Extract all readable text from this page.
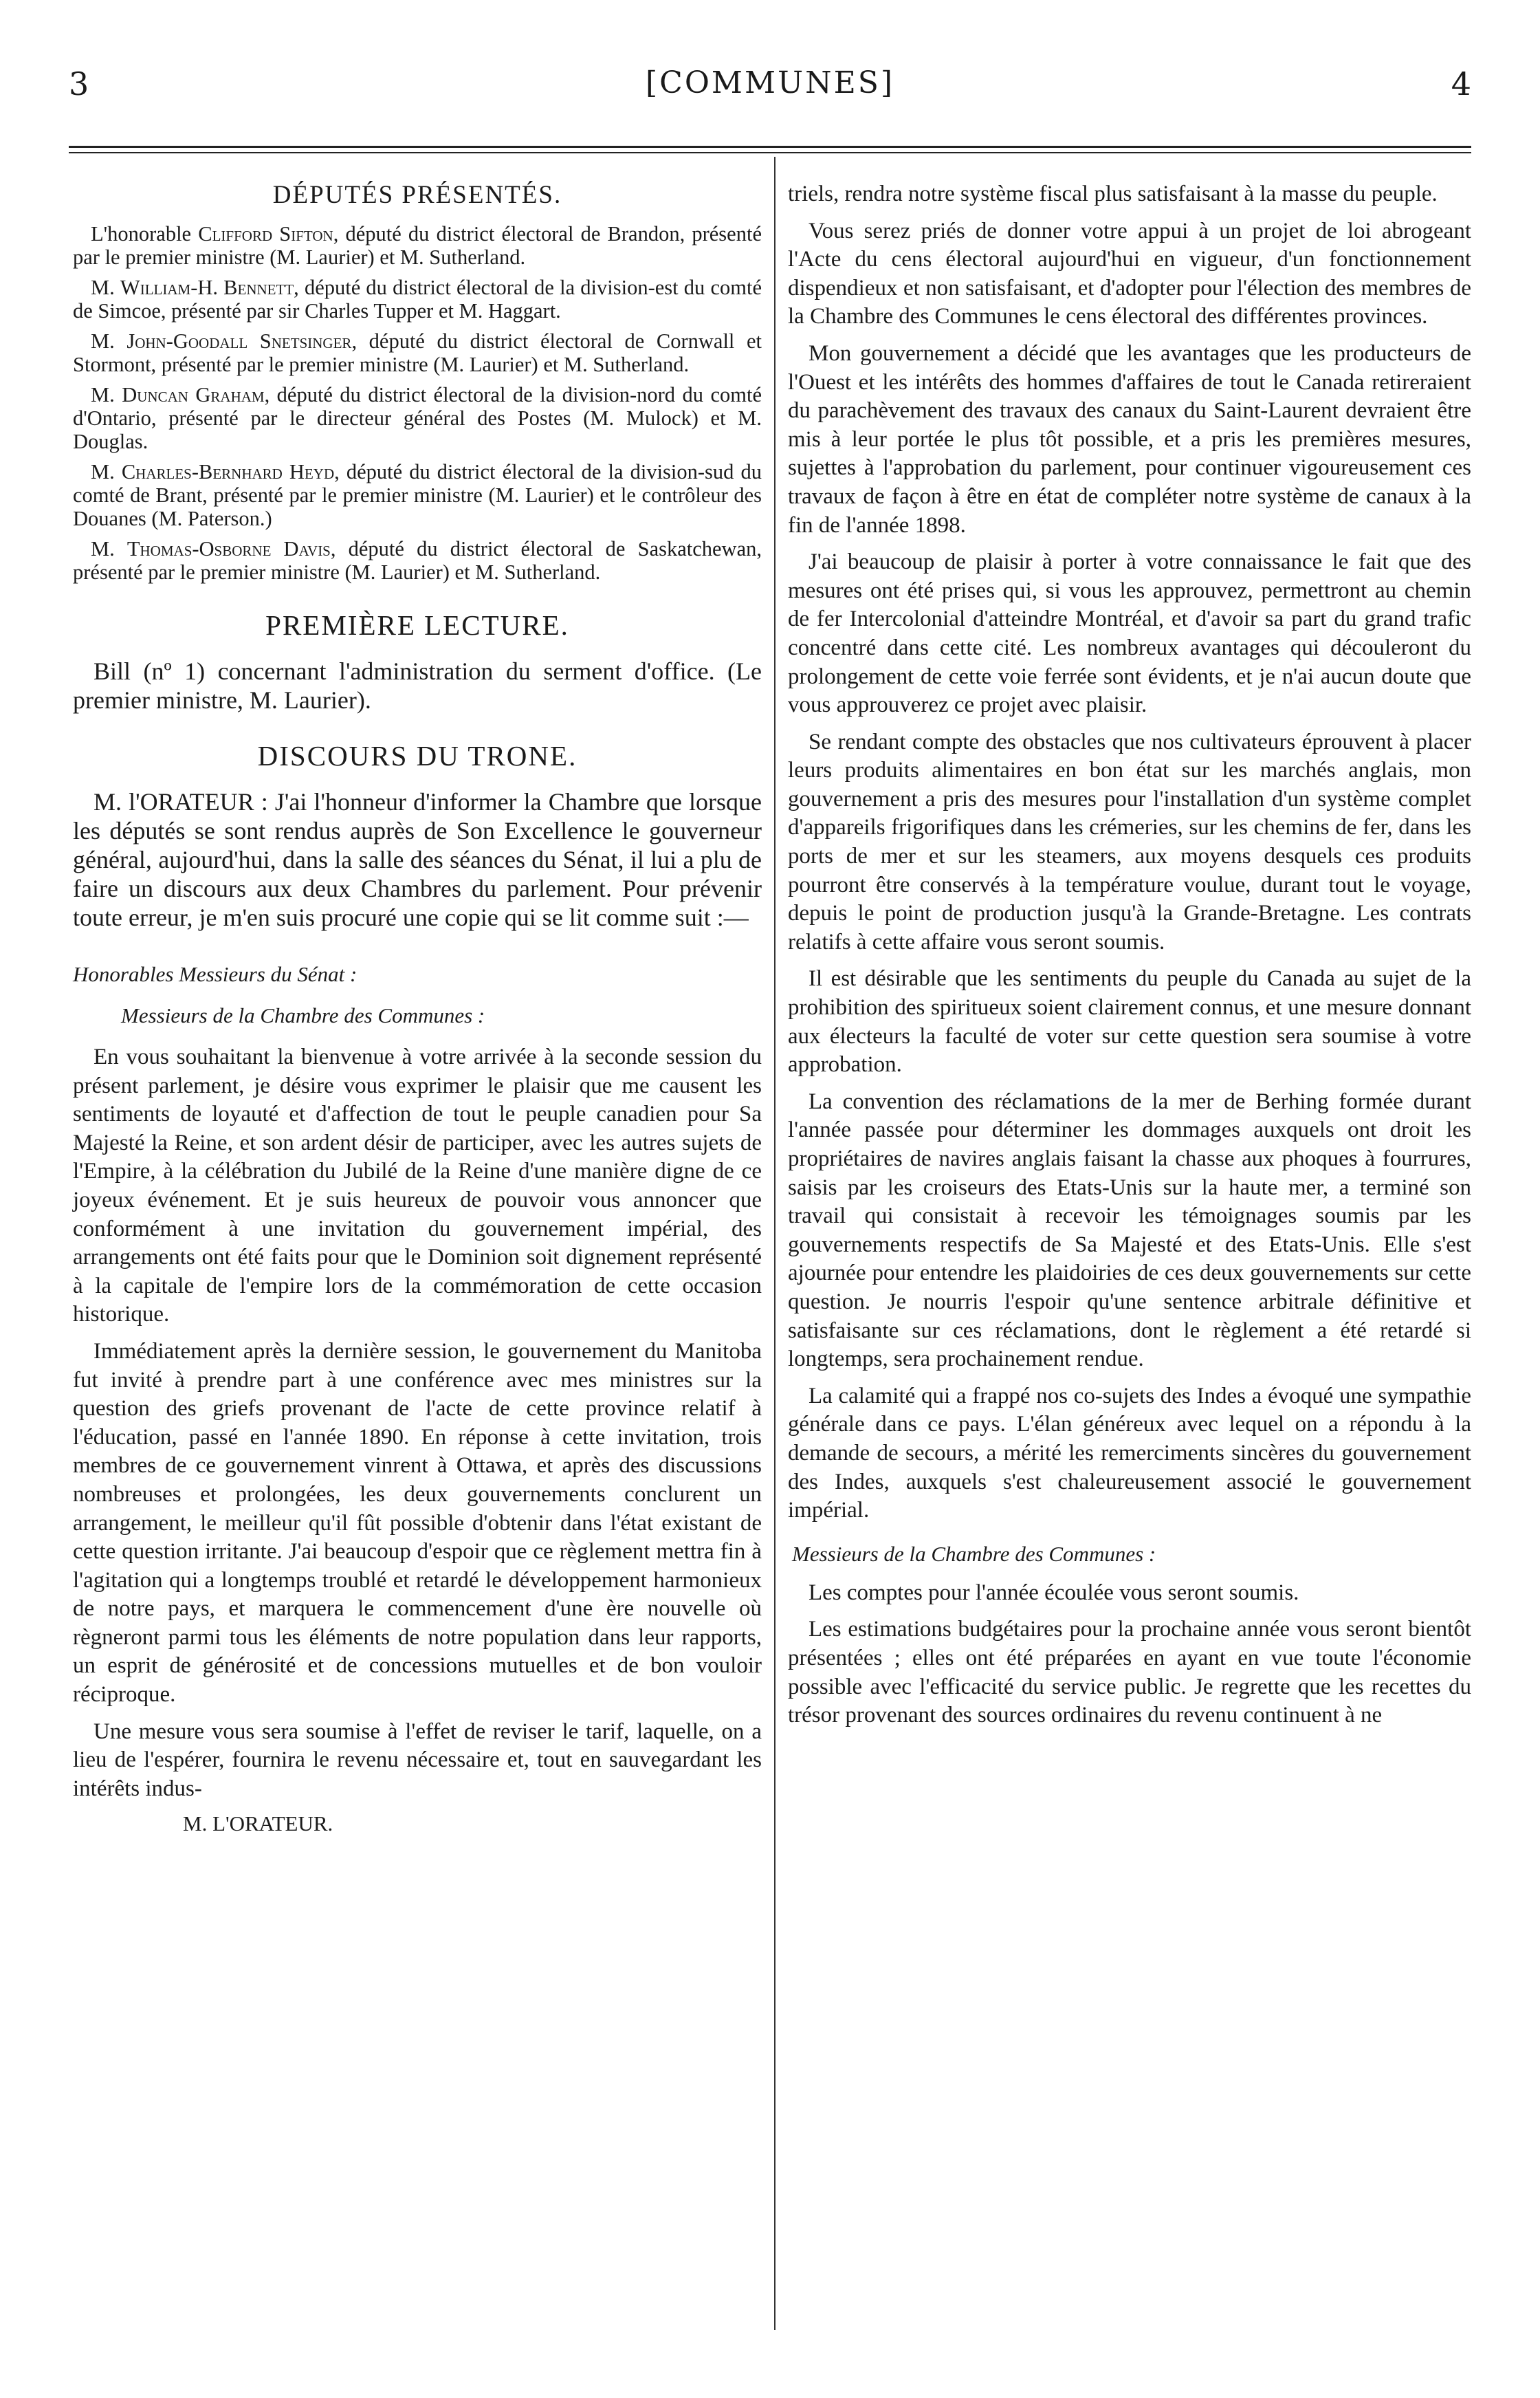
3	[COMMUNES]	4
DÉPUTÉS PRÉSENTÉS.

L'honorable Clifford Sifton, député du district électoral de Brandon, présenté par le premier ministre (M. Laurier) et M. Sutherland.

M. William-H. Bennett, député du district électoral de la division-est du comté de Simcoe, présenté par sir Charles Tupper et M. Haggart.

M. John-Goodall Snetsinger, député du district électoral de Cornwall et Stormont, présenté par le premier ministre (M. Laurier) et M. Sutherland.

M. Duncan Graham, député du district électoral de la division-nord du comté d'Ontario, présenté par le directeur général des Postes (M. Mulock) et M. Douglas.

M. Charles-Bernhard Heyd, député du district électoral de la division-sud du comté de Brant, présenté par le premier ministre (M. Laurier) et le contrôleur des Douanes (M. Paterson.)

M. Thomas-Osborne Davis, député du district électoral de Saskatchewan, présenté par le premier ministre (M. Laurier) et M. Sutherland.

PREMIÈRE LECTURE.

Bill (nº 1) concernant l'administration du serment d'office. (Le premier ministre, M. Laurier).

DISCOURS DU TRONE.

M. l'ORATEUR : J'ai l'honneur d'informer la Chambre que lorsque les députés se sont rendus auprès de Son Excellence le gouverneur général, aujourd'hui, dans la salle des séances du Sénat, il lui a plu de faire un discours aux deux Chambres du parlement. Pour prévenir toute erreur, je m'en suis procuré une copie qui se lit comme suit :—

Honorables Messieurs du Sénat :
Messieurs de la Chambre des Communes :

En vous souhaitant la bienvenue à votre arrivée à la seconde session du présent parlement, je désire vous exprimer le plaisir que me causent les sentiments de loyauté et d'affection de tout le peuple canadien pour Sa Majesté la Reine, et son ardent désir de participer, avec les autres sujets de l'Empire, à la célébration du Jubilé de la Reine d'une manière digne de ce joyeux événement. Et je suis heureux de pouvoir vous annoncer que conformément à une invitation du gouvernement impérial, des arrangements ont été faits pour que le Dominion soit dignement représenté à la capitale de l'empire lors de la commémoration de cette occasion historique.

Immédiatement après la dernière session, le gouvernement du Manitoba fut invité à prendre part à une conférence avec mes ministres sur la question des griefs provenant de l'acte de cette province relatif à l'éducation, passé en l'année 1890. En réponse à cette invitation, trois membres de ce gouvernement vinrent à Ottawa, et après des discussions nombreuses et prolongées, les deux gouvernements conclurent un arrangement, le meilleur qu'il fût possible d'obtenir dans l'état existant de cette question irritante. J'ai beaucoup d'espoir que ce règlement mettra fin à l'agitation qui a longtemps troublé et retardé le développement harmonieux de notre pays, et marquera le commencement d'une ère nouvelle où règneront parmi tous les éléments de notre population dans leur rapports, un esprit de générosité et de concessions mutuelles et de bon vouloir réciproque.

Une mesure vous sera soumise à l'effet de reviser le tarif, laquelle, on a lieu de l'espérer, fournira le revenu nécessaire et, tout en sauvegardant les intérêts indus-

M. L'ORATEUR.

triels, rendra notre système fiscal plus satisfaisant à la masse du peuple.

Vous serez priés de donner votre appui à un projet de loi abrogeant l'Acte du cens électoral aujourd'hui en vigueur, d'un fonctionnement dispendieux et non satisfaisant, et d'adopter pour l'élection des membres de la Chambre des Communes le cens électoral des différentes provinces.

Mon gouvernement a décidé que les avantages que les producteurs de l'Ouest et les intérêts des hommes d'affaires de tout le Canada retireraient du parachèvement des travaux des canaux du Saint-Laurent devraient être mis à leur portée le plus tôt possible, et a pris les premières mesures, sujettes à l'approbation du parlement, pour continuer vigoureusement ces travaux de façon à être en état de compléter notre système de canaux à la fin de l'année 1898.

J'ai beaucoup de plaisir à porter à votre connaissance le fait que des mesures ont été prises qui, si vous les approuvez, permettront au chemin de fer Intercolonial d'atteindre Montréal, et d'avoir sa part du grand trafic concentré dans cette cité. Les nombreux avantages qui découleront du prolongement de cette voie ferrée sont évidents, et je n'ai aucun doute que vous approuverez ce projet avec plaisir.

Se rendant compte des obstacles que nos cultivateurs éprouvent à placer leurs produits alimentaires en bon état sur les marchés anglais, mon gouvernement a pris des mesures pour l'installation d'un système complet d'appareils frigorifiques dans les crémeries, sur les chemins de fer, dans les ports de mer et sur les steamers, aux moyens desquels ces produits pourront être conservés à la température voulue, durant tout le voyage, depuis le point de production jusqu'à la Grande-Bretagne. Les contrats relatifs à cette affaire vous seront soumis.

Il est désirable que les sentiments du peuple du Canada au sujet de la prohibition des spiritueux soient clairement connus, et une mesure donnant aux électeurs la faculté de voter sur cette question sera soumise à votre approbation.

La convention des réclamations de la mer de Berhing formée durant l'année passée pour déterminer les dommages auxquels ont droit les propriétaires de navires anglais faisant la chasse aux phoques à fourrures, saisis par les croiseurs des Etats-Unis sur la haute mer, a terminé son travail qui consistait à recevoir les témoignages soumis par les gouvernements respectifs de Sa Majesté et des Etats-Unis. Elle s'est ajournée pour entendre les plaidoiries de ces deux gouvernements sur cette question. Je nourris l'espoir qu'une sentence arbitrale définitive et satisfaisante sur ces réclamations, dont le règlement a été retardé si longtemps, sera prochainement rendue.

La calamité qui a frappé nos co-sujets des Indes a évoqué une sympathie générale dans ce pays. L'élan généreux avec lequel on a répondu à la demande de secours, a mérité les remerciments sincères du gouvernement des Indes, auxquels s'est chaleureusement associé le gouvernement impérial.

Messieurs de la Chambre des Communes :

Les comptes pour l'année écoulée vous seront soumis.

Les estimations budgétaires pour la prochaine année vous seront bientôt présentées ; elles ont été préparées en ayant en vue toute l'économie possible avec l'efficacité du service public. Je regrette que les recettes du trésor provenant des sources ordinaires du revenu continuent à ne
